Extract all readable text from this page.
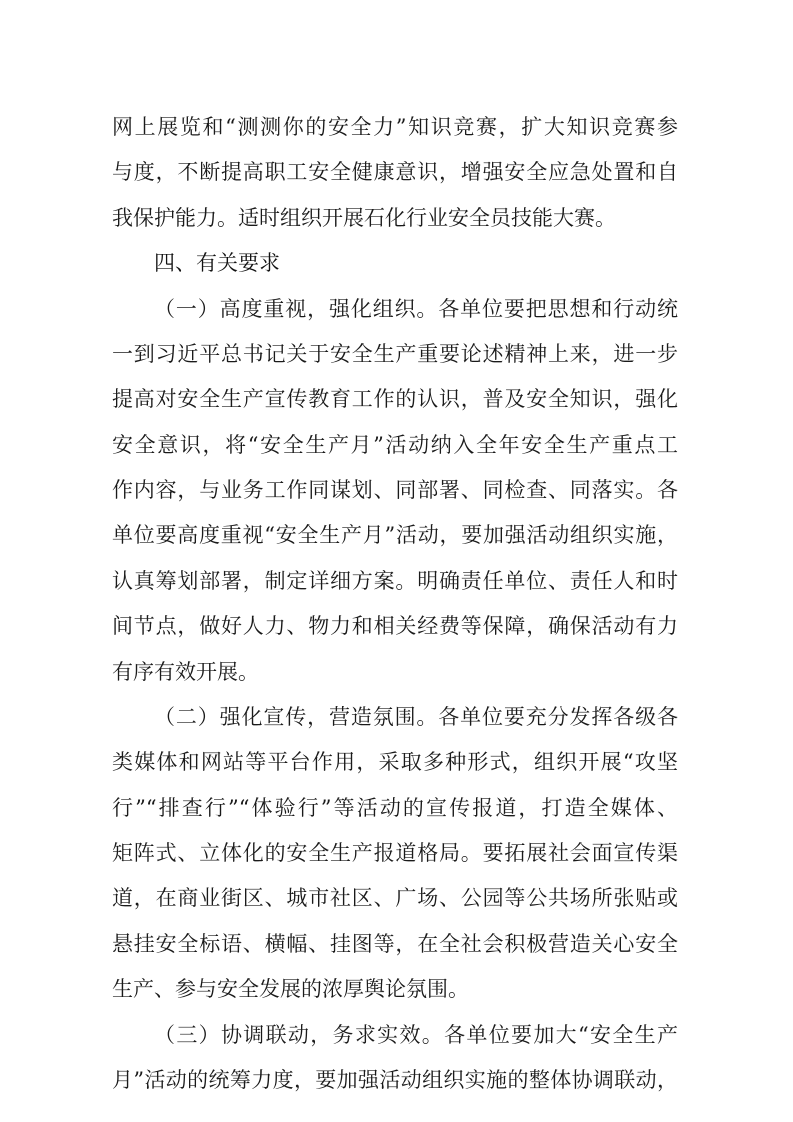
网上展览和“测测你的安全力”知识竞赛，扩大知识竞赛参
与度，不断提高职工安全健康意识，增强安全应急处置和自
我保护能力。适时组织开展石化行业安全员技能大赛。
四、有关要求
（一）高度重视，强化组织。各单位要把思想和行动统
一到习近平总书记关于安全生产重要论述精神上来，进一步
提高对安全生产宣传教育工作的认识，普及安全知识，强化
安全意识，将“安全生产月”活动纳入全年安全生产重点工
作内容，与业务工作同谋划、同部署、同检查、同落实。各
单位要高度重视“安全生产月”活动，要加强活动组织实施，
认真筹划部署，制定详细方案。明确责任单位、责任人和时
间节点，做好人力、物力和相关经费等保障，确保活动有力
有序有效开展。
（二）强化宣传，营造氛围。各单位要充分发挥各级各
类媒体和网站等平台作用，采取多种形式，组织开展“攻坚
行”“排查行”“体验行”等活动的宣传报道，打造全媒体、
矩阵式、立体化的安全生产报道格局。要拓展社会面宣传渠
道，在商业街区、城市社区、广场、公园等公共场所张贴或
悬挂安全标语、横幅、挂图等，在全社会积极营造关心安全
生产、参与安全发展的浓厚舆论氛围。
（三）协调联动，务求实效。各单位要加大“安全生产
月”活动的统筹力度，要加强活动组织实施的整体协调联动，
